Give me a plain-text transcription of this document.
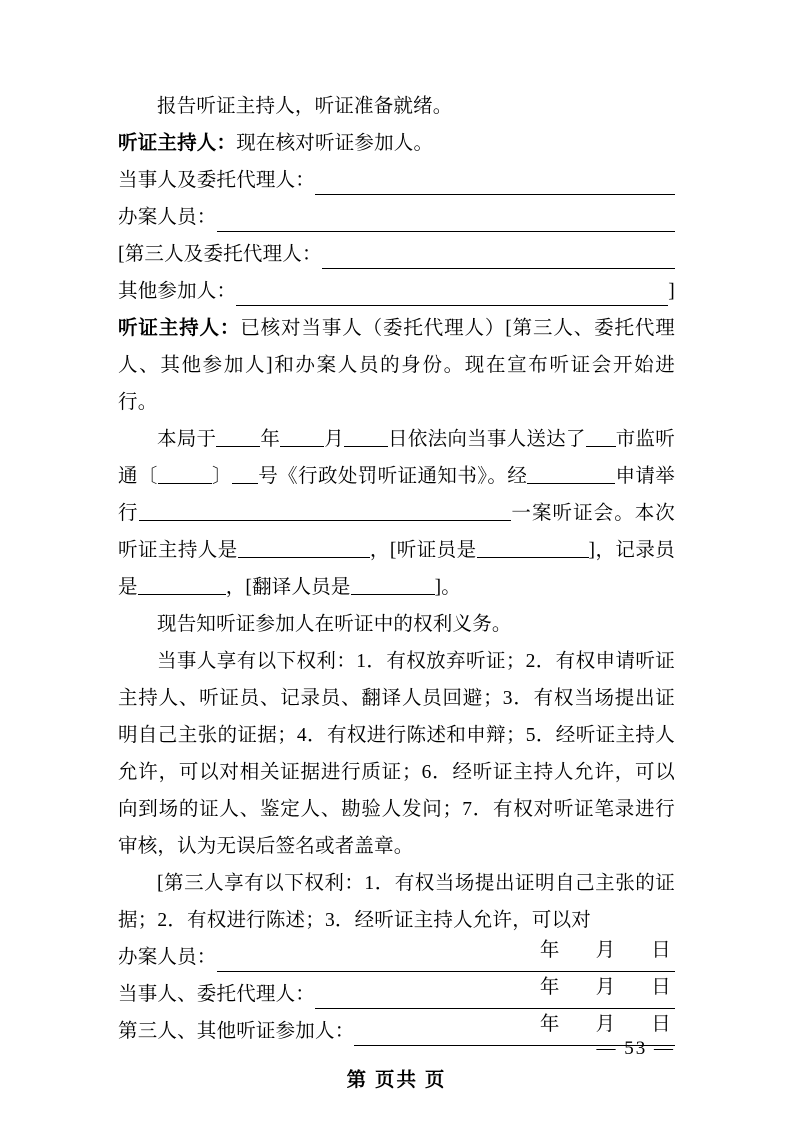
报告听证主持人，听证准备就绪。

听证主持人：现在核对听证参加人。

当事人及委托代理人：
办案人员：
[第三人及委托代理人：
其他参加人：	]

听证主持人：已核对当事人（委托代理人）[第三人、委托代理人、其他参加人]和办案人员的身份。现在宣布听证会开始进行。

本局于 年 月 日依法向当事人送达了 市监听通〔	〕 号《行政处罚听证通知书》。经	申请举行	一案听证会。本次听证主持人是	，[听证员是	]，记录员是	，[翻译人员是	]。

现告知听证参加人在听证中的权利义务。

当事人享有以下权利：1．有权放弃听证；2．有权申请听证主持人、听证员、记录员、翻译人员回避；3．有权当场提出证明自己主张的证据；4．有权进行陈述和申辩；5．经听证主持人允许，可以对相关证据进行质证；6．经听证主持人允许，可以向到场的证人、鉴定人、勘验人发问；7．有权对听证笔录进行审核，认为无误后签名或者盖章。

[第三人享有以下权利：1．有权当场提出证明自己主张的证据；2．有权进行陈述；3．经听证主持人允许，可以对

办案人员：	年 月 日
当事人、委托代理人：	年 月 日
第三人、其他听证参加人：	年 月 日
第 页共 页
— 53 —
